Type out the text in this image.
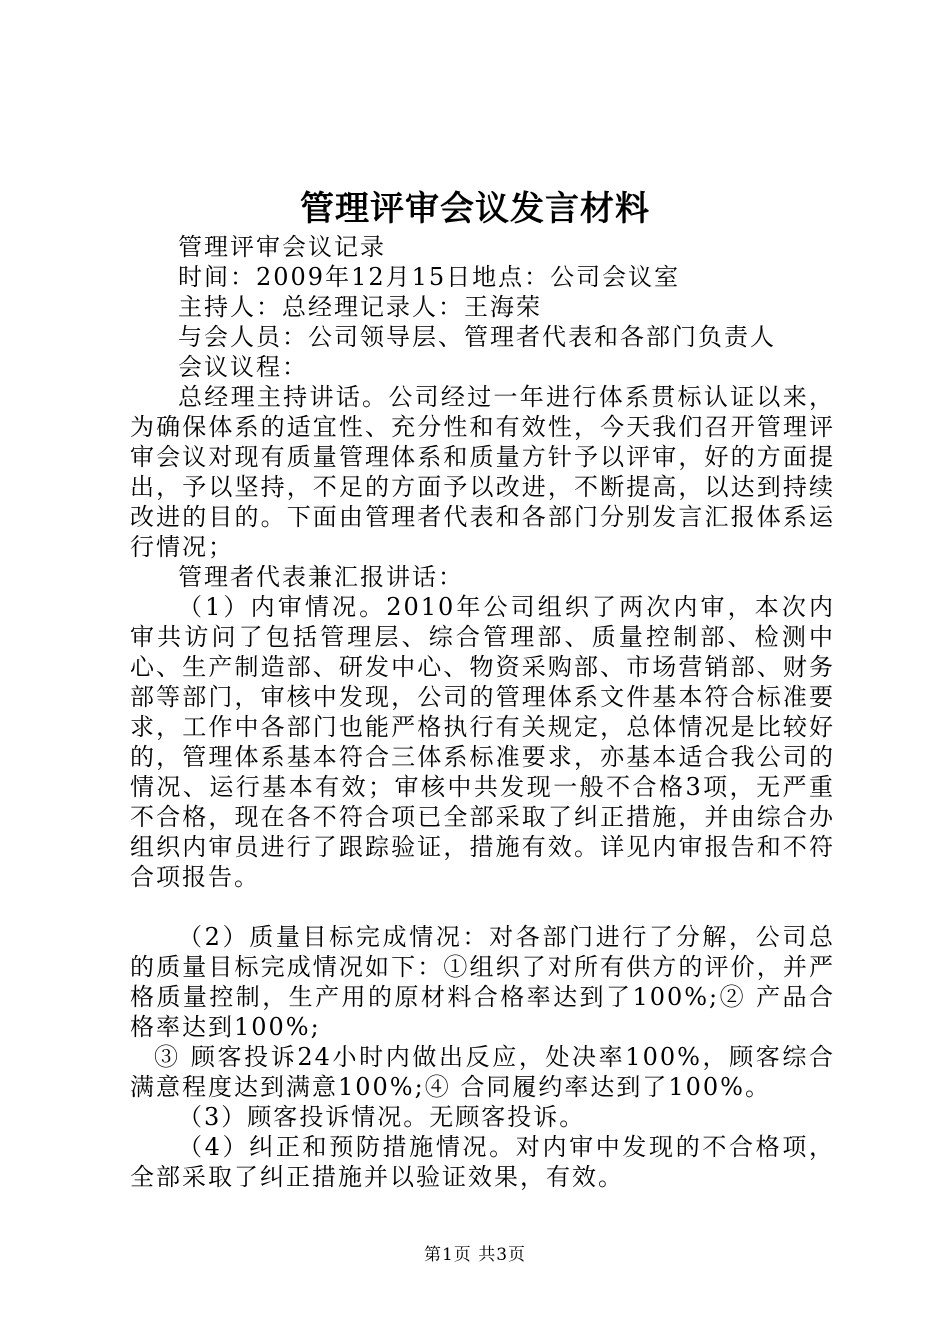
管理评审会议发言材料

管理评审会议记录

时间：2009年12月15日地点：公司会议室

主持人：总经理记录人：王海荣

与会人员：公司领导层、管理者代表和各部门负责人

会议议程：

总经理主持讲话。公司经过一年进行体系贯标认证以来，为确保体系的适宜性、充分性和有效性，今天我们召开管理评审会议对现有质量管理体系和质量方针予以评审，好的方面提出，予以坚持，不足的方面予以改进，不断提高，以达到持续改进的目的。下面由管理者代表和各部门分别发言汇报体系运行情况；

管理者代表兼汇报讲话：

（1）内审情况。2010年公司组织了两次内审，本次内审共访问了包括管理层、综合管理部、质量控制部、检测中心、生产制造部、研发中心、物资采购部、市场营销部、财务部等部门，审核中发现，公司的管理体系文件基本符合标准要求，工作中各部门也能严格执行有关规定，总体情况是比较好的，管理体系基本符合三体系标准要求，亦基本适合我公司的情况、运行基本有效；审核中共发现一般不合格3项，无严重不合格，现在各不符合项已全部采取了纠正措施，并由综合办组织内审员进行了跟踪验证，措施有效。详见内审报告和不符合项报告。

（2）质量目标完成情况：对各部门进行了分解，公司总的质量目标完成情况如下：①组织了对所有供方的评价，并严格质量控制，生产用的原材料合格率达到了100%;② 产品合格率达到100%;

③ 顾客投诉24小时内做出反应，处决率100%，顾客综合满意程度达到满意100%;④ 合同履约率达到了100%。

（3）顾客投诉情况。无顾客投诉。

（4）纠正和预防措施情况。对内审中发现的不合格项，全部采取了纠正措施并以验证效果，有效。

第1页 共3页
